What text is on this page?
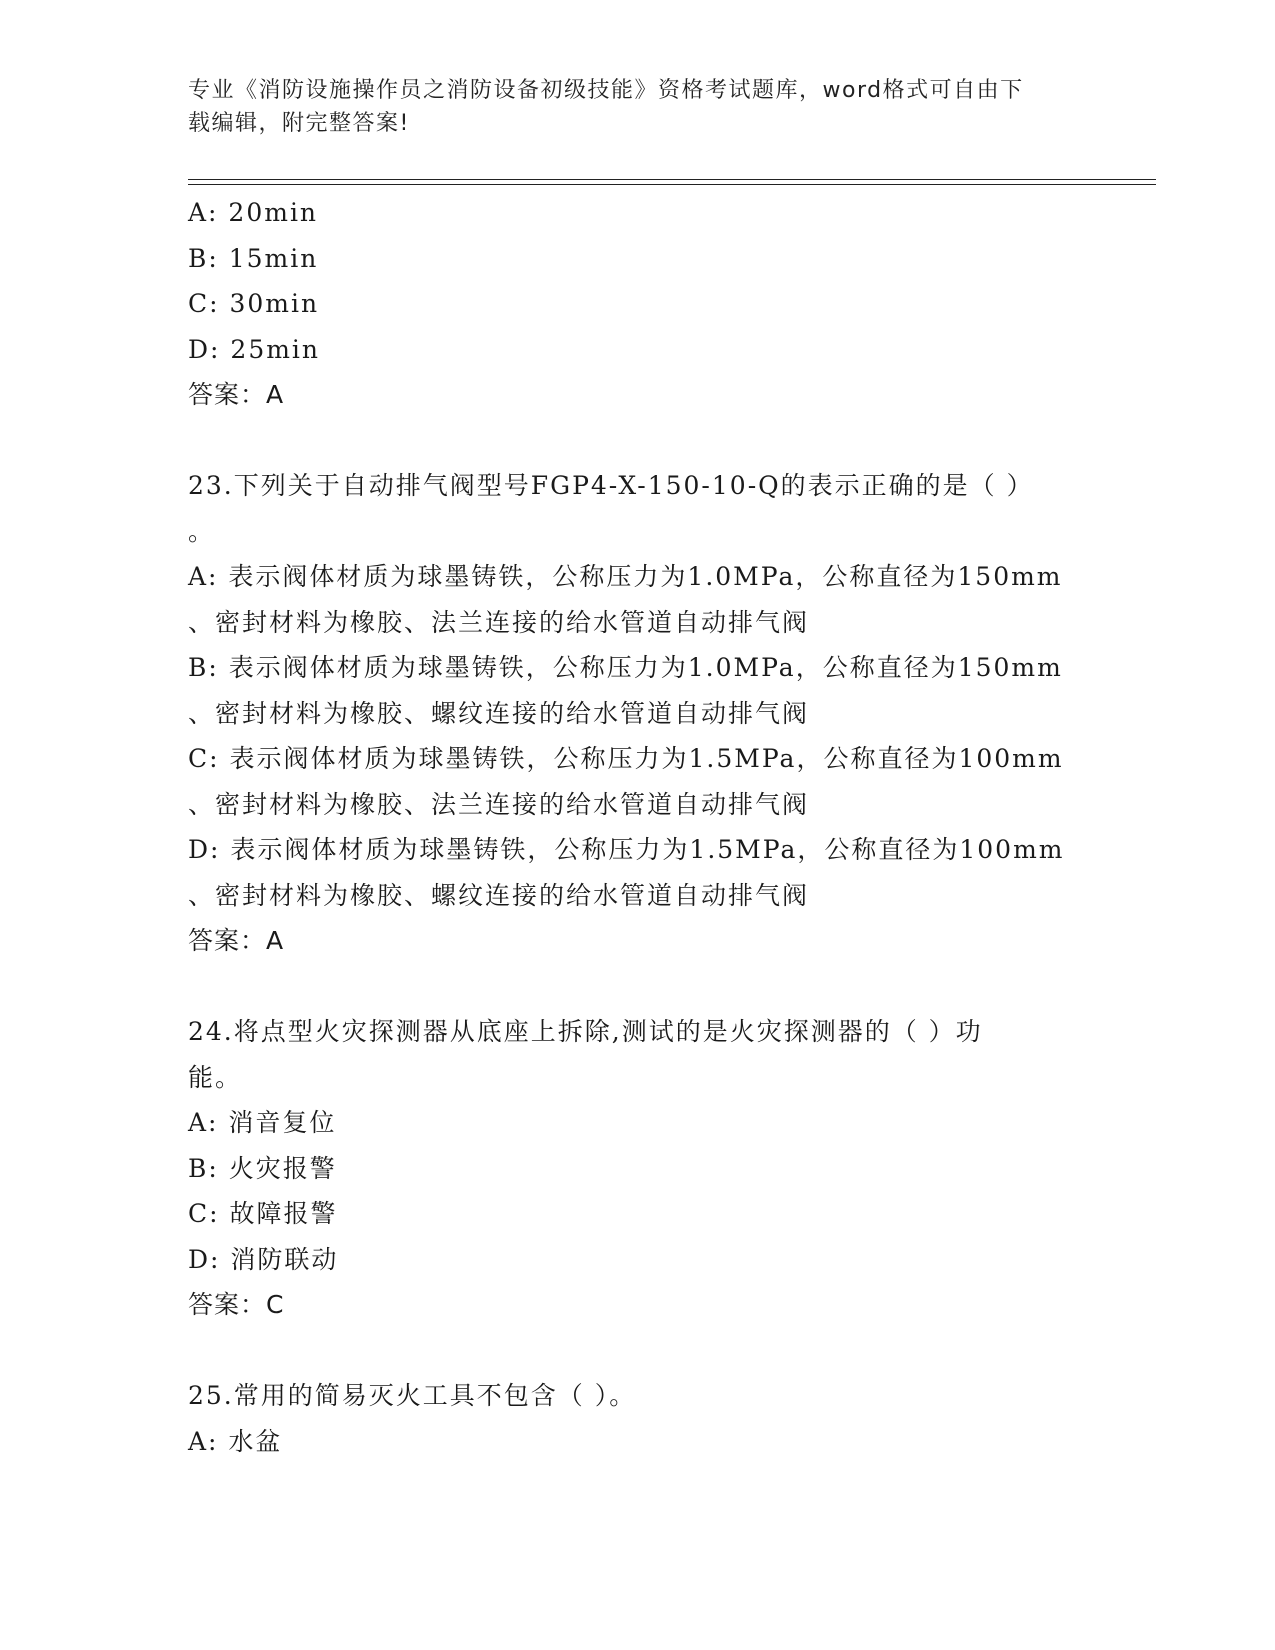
专业《消防设施操作员之消防设备初级技能》资格考试题库，word格式可自由下
载编辑，附完整答案!
A: 20min
B: 15min
C: 30min
D: 25min
答案：A
23.下列关于自动排气阀型号FGP4-X-150-10-Q的表示正确的是（ ）
。
A: 表示阀体材质为球墨铸铁，公称压力为1.0MPa，公称直径为150mm
、密封材料为橡胶、法兰连接的给水管道自动排气阀
B: 表示阀体材质为球墨铸铁，公称压力为1.0MPa，公称直径为150mm
、密封材料为橡胶、螺纹连接的给水管道自动排气阀
C: 表示阀体材质为球墨铸铁，公称压力为1.5MPa，公称直径为100mm
、密封材料为橡胶、法兰连接的给水管道自动排气阀
D: 表示阀体材质为球墨铸铁，公称压力为1.5MPa，公称直径为100mm
、密封材料为橡胶、螺纹连接的给水管道自动排气阀
答案：A
24.将点型火灾探测器从底座上拆除,测试的是火灾探测器的（ ）功
能。
A: 消音复位
B: 火灾报警
C: 故障报警
D: 消防联动
答案：C
25.常用的简易灭火工具不包含（ ）。
A: 水盆
